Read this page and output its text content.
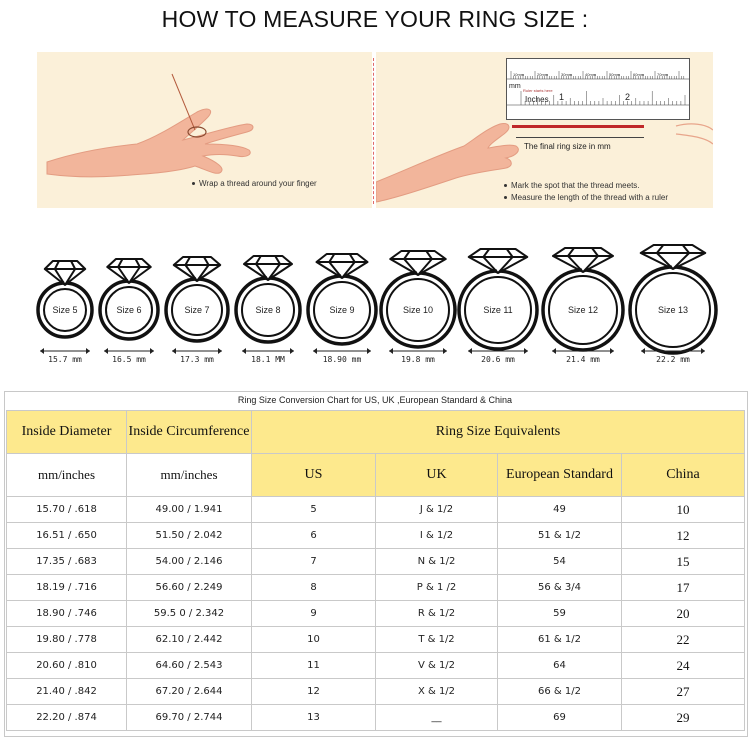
HOW TO MEASURE YOUR RING SIZE :
Wrap a thread around your finger
10mm	20mm	30mm	40mm	50mm	60mm	70mm
mm
Ruler starts here
Inches 1	2
The final ring size in mm
Mark the spot that the thread meets.
Measure the length of the thread with a ruler
Size 5
15.7 mm
Size 6
16.5 mm
Size 7
17.3 mm
Size 8
18.1 MM
Size 9
18.90 mm
Size 10
19.8 mm
Size 11
20.6 mm
Size 12
21.4 mm
Size 13
22.2 mm
Ring Size Conversion Chart for US, UK ,European Standard & China
Inside Diameter	Inside Circumference	Ring Size Equivalents			
mm/inches	mm/inches	US	UK	European Standard	China
15.70 / .618	49.00 / 1.941	5	J & 1/2	49	10
16.51 / .650	51.50 / 2.042	6	I & 1/2	51 & 1/2	12
17.35 / .683	54.00 / 2.146	7	N & 1/2	54	15
18.19 / .716	56.60 / 2.249	8	P & 1 /2	56 & 3/4	17
18.90 / .746	59.5 0 / 2.342	9	R & 1/2	59	20
19.80 / .778	62.10 / 2.442	10	T & 1/2	61 & 1/2	22
20.60 / .810	64.60 / 2.543	11	V & 1/2	64	24
21.40 / .842	67.20 / 2.644	12	X & 1/2	66 & 1/2	27
22.20 / .874	69.70 / 2.744	13	__	69	29
